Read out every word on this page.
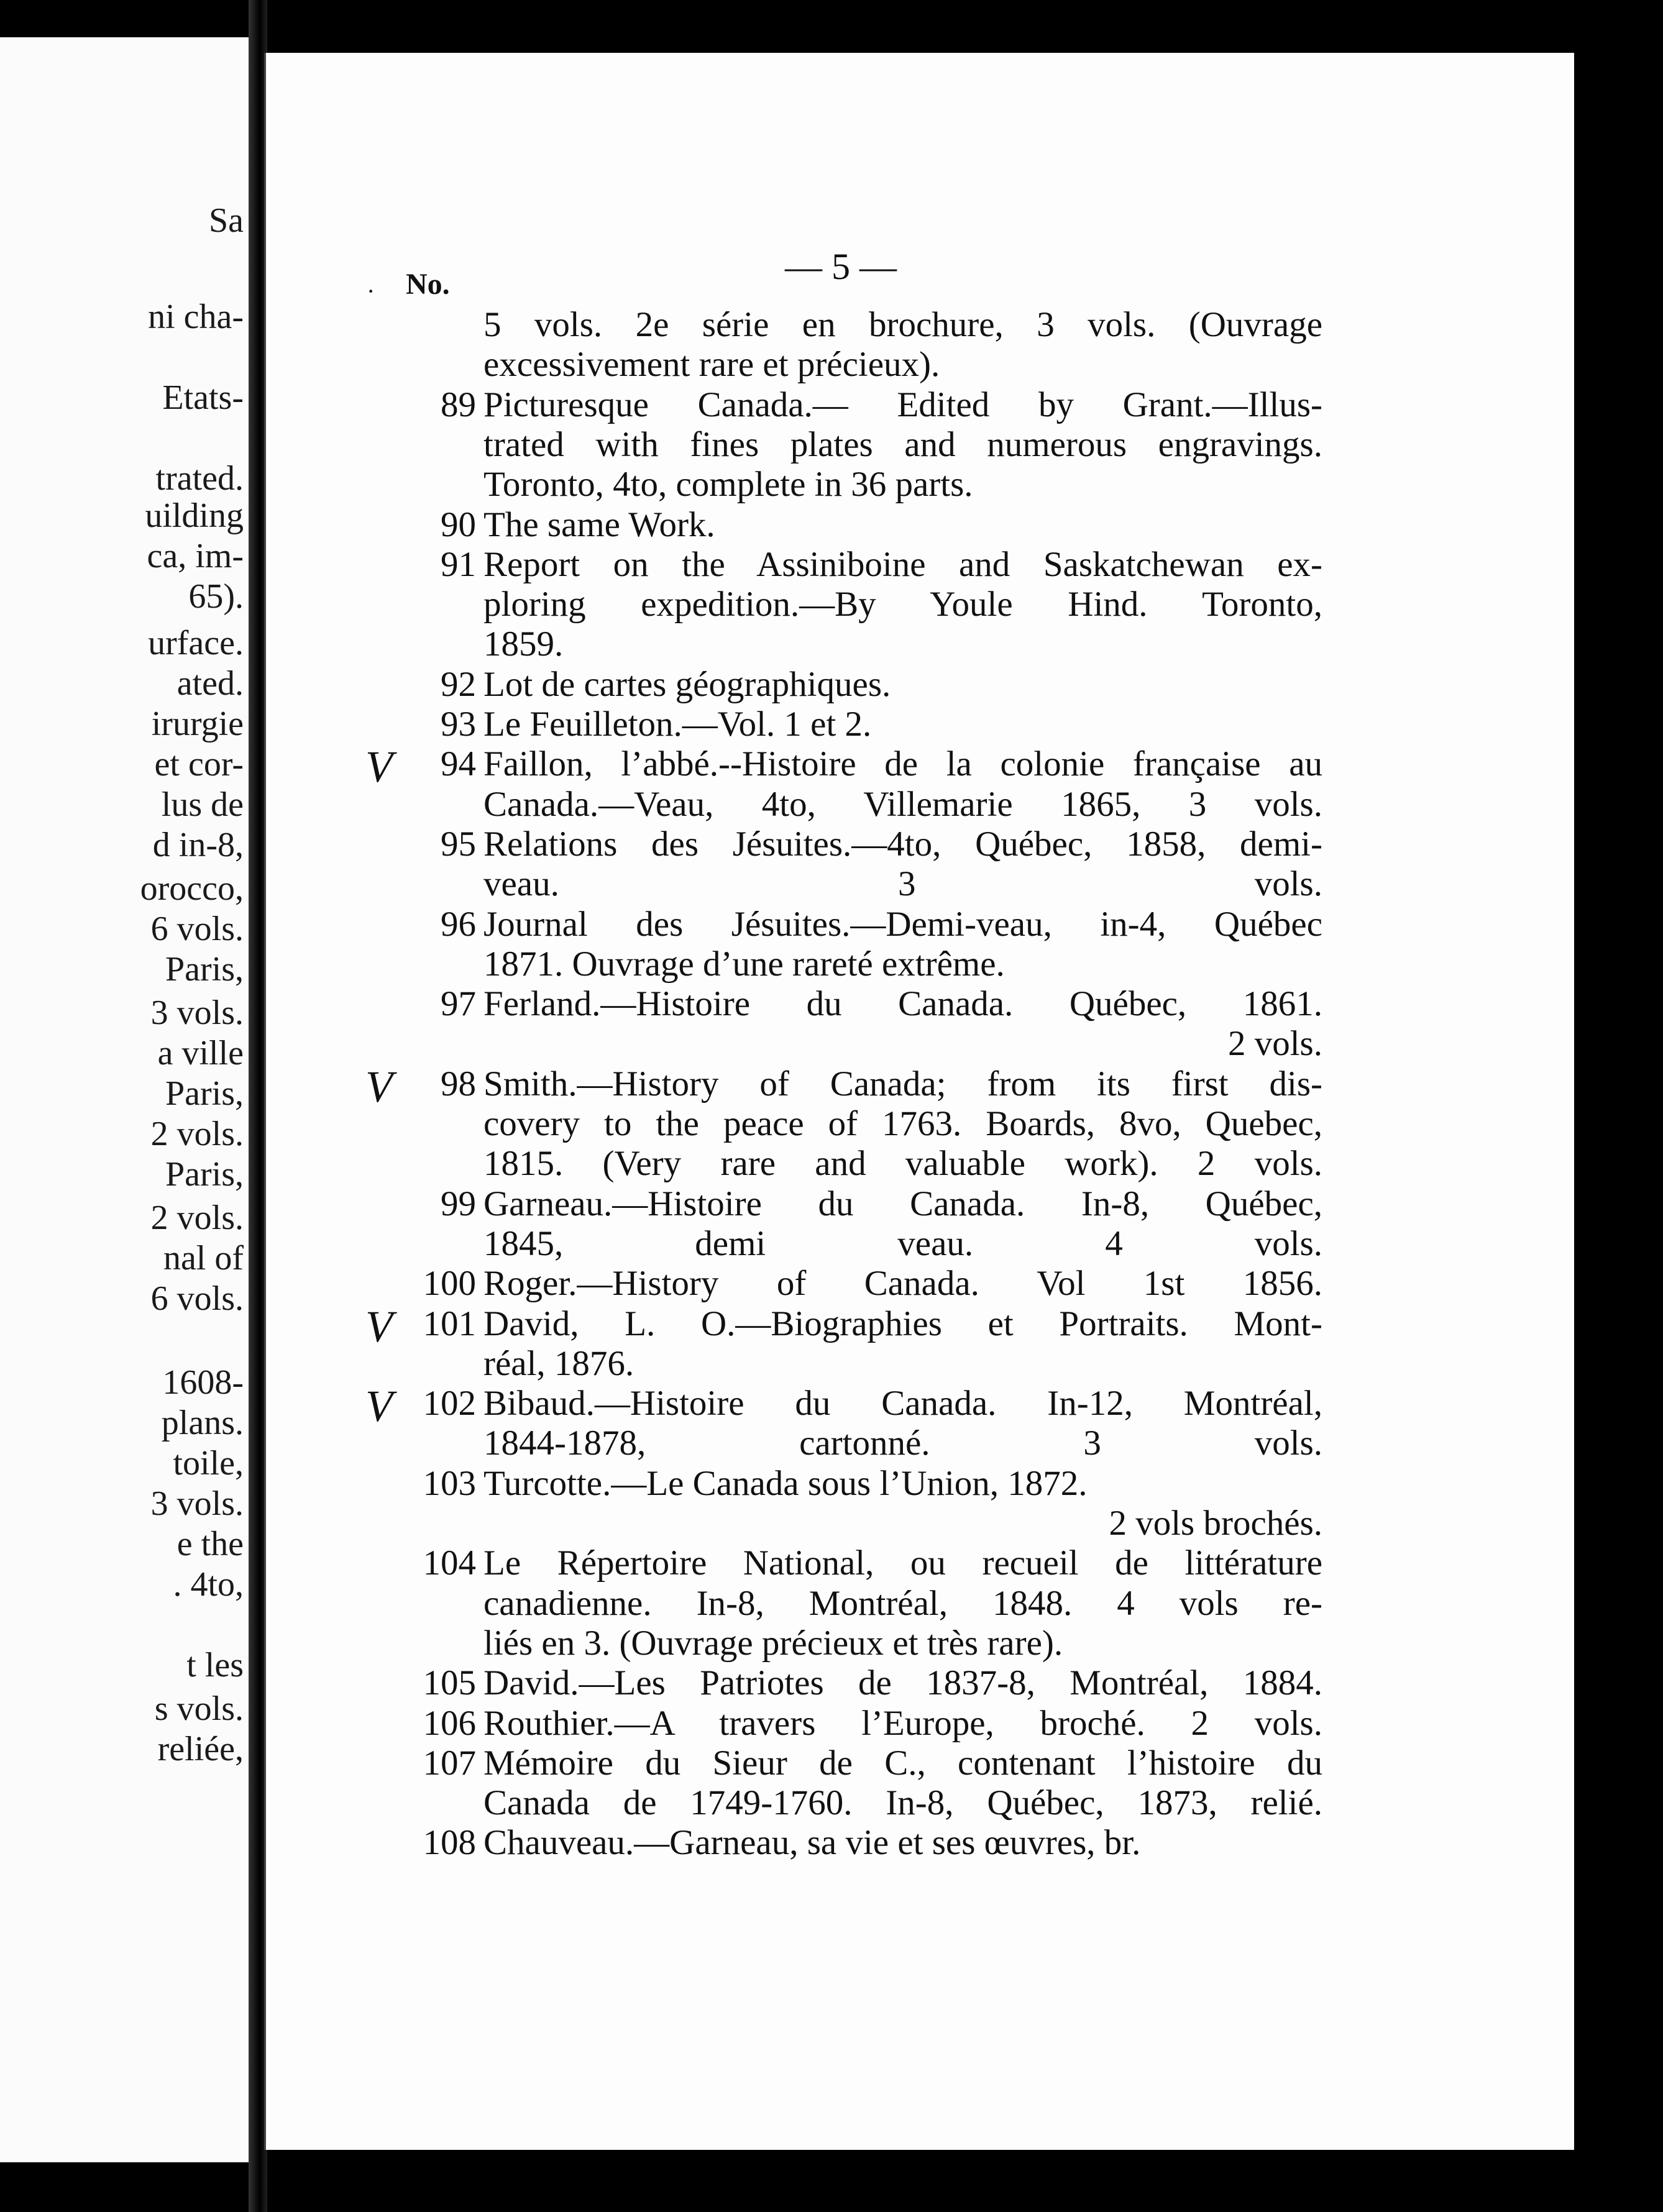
Sa
ni cha-
Etats-
trated.
uilding
ca, im-
65).
urface.
ated.
irurgie
et cor-
lus de
d in-8,
orocco,
6 vols.
Paris,
3 vols.
a ville
Paris,
2 vols.
Paris,
2 vols.
nal of
6 vols.
1608-
plans.
toile,
3 vols.
e the
. 4to,
t les
s vols.
reliée,
— 5 —
· No.
5 vols. 2e série en brochure, 3 vols. (Ouvrage
excessivement rare et précieux).
89 Picturesque Canada.— Edited by Grant.—Illus-
trated with fines plates and numerous engravings.
Toronto, 4to, complete in 36 parts.
90 The same Work.
91 Report on the Assiniboine and Saskatchewan ex-
ploring expedition.—By Youle Hind. Toronto,
1859.
92 Lot de cartes géographiques.
93 Le Feuilleton.—Vol. 1 et 2.
94 Faillon, l’abbé.--Histoire de la colonie française au
Canada.—Veau, 4to, Villemarie 1865, 3 vols.
95 Relations des Jésuites.—4to, Québec, 1858, demi-
veau. 3 vols.
96 Journal des Jésuites.—Demi-veau, in-4, Québec
1871. Ouvrage d’une rareté extrême.
97 Ferland.—Histoire du Canada. Québec, 1861.
2 vols.
98 Smith.—History of Canada; from its first dis-
covery to the peace of 1763. Boards, 8vo, Quebec,
1815. (Very rare and valuable work). 2 vols.
99 Garneau.—Histoire du Canada. In-8, Québec,
1845, demi veau. 4 vols.
100 Roger.—History of Canada. Vol 1st 1856.
101 David, L. O.—Biographies et Portraits. Mont-
réal, 1876.
102 Bibaud.—Histoire du Canada. In-12, Montréal,
1844-1878, cartonné. 3 vols.
103 Turcotte.—Le Canada sous l’Union, 1872.
2 vols brochés.
104 Le Répertoire National, ou recueil de littérature
canadienne. In-8, Montréal, 1848. 4 vols re-
liés en 3. (Ouvrage précieux et très rare).
105 David.—Les Patriotes de 1837-8, Montréal, 1884.
106 Routhier.—A travers l’Europe, broché. 2 vols.
107 Mémoire du Sieur de C., contenant l’histoire du
Canada de 1749-1760. In-8, Québec, 1873, relié.
108 Chauveau.—Garneau, sa vie et ses œuvres, br.
V
V
V
V
